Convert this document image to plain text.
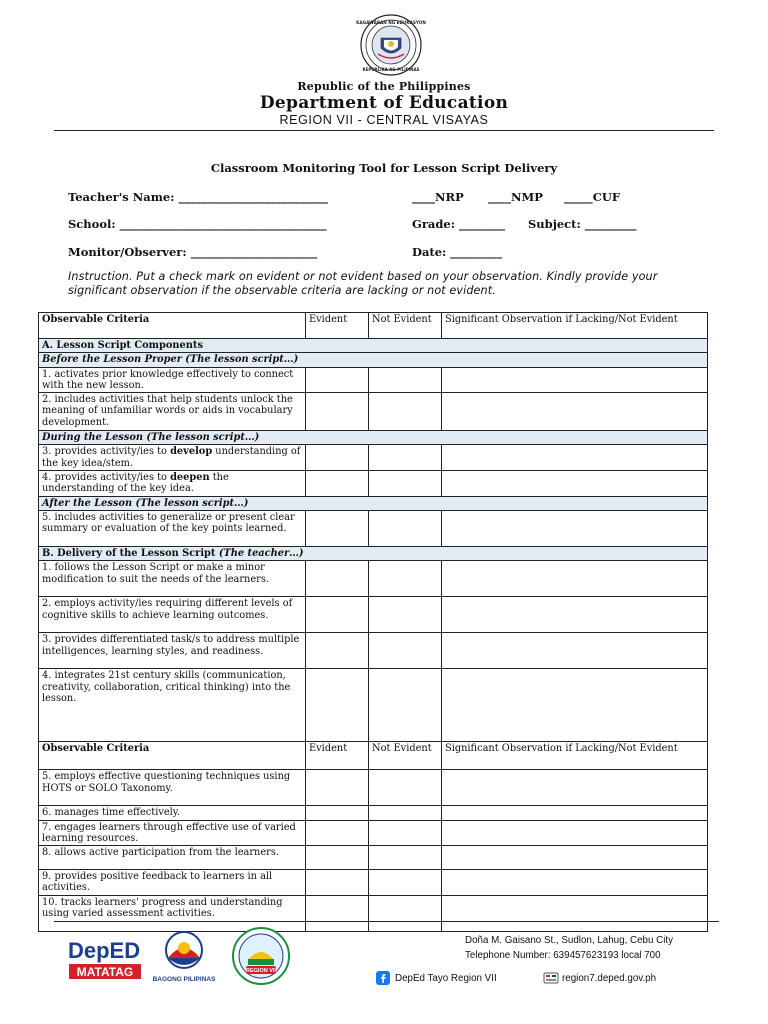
KAGAWARAN NG EDUKASYON
REPUBLIKA NG PILIPINAS
Republic of the Philippines
Department of Education
REGION VII - CENTRAL VISAYAS
Classroom Monitoring Tool for Lesson Script Delivery
Teacher's Name: __________________________	____NRP ____NMP _____CUF
School: ____________________________________	Grade: ________ Subject: _________
Monitor/Observer: ______________________	Date: _________
Instruction. Put a check mark on evident or not evident based on your observation. Kindly provide your significant observation if the observable criteria are lacking or not evident.
Observable Criteria	Evident	Not Evident	Significant Observation if Lacking/Not Evident
A. Lesson Script Components			
Before the Lesson Proper (The lesson script…)			
1. activates prior knowledge effectively to connect with the new lesson.			
2. includes activities that help students unlock the meaning of unfamiliar words or aids in vocabulary development.			
During the Lesson (The lesson script…)			
3. provides activity/ies to develop understanding of the key idea/stem.			
4. provides activity/ies to deepen the understanding of the key idea.			
After the Lesson (The lesson script…)			
5. includes activities to generalize or present clear summary or evaluation of the key points learned.			
B. Delivery of the Lesson Script (The teacher…)			
1. follows the Lesson Script or make a minor modification to suit the needs of the learners.			
2. employs activity/ies requiring different levels of cognitive skills to achieve learning outcomes.			
3. provides differentiated task/s to address multiple intelligences, learning styles, and readiness.			
4. integrates 21st century skills (communication, creativity, collaboration, critical thinking) into the lesson.			
Observable Criteria	Evident	Not Evident	Significant Observation if Lacking/Not Evident
5. employs effective questioning techniques using HOTS or SOLO Taxonomy.			
6. manages time effectively.			
7. engages learners through effective use of varied learning resources.			
8. allows active participation from the learners.			
9. provides positive feedback to learners in all activities.			
10. tracks learners' progress and understanding using varied assessment activities.			
DepED
MATATAG
BAGONG PILIPINAS
REGION VII
Doña M. Gaisano St., Sudlon, Lahug, Cebu City
Telephone Number: 639457623193 local 700
DepEd Tayo Region VII	region7.deped.gov.ph
